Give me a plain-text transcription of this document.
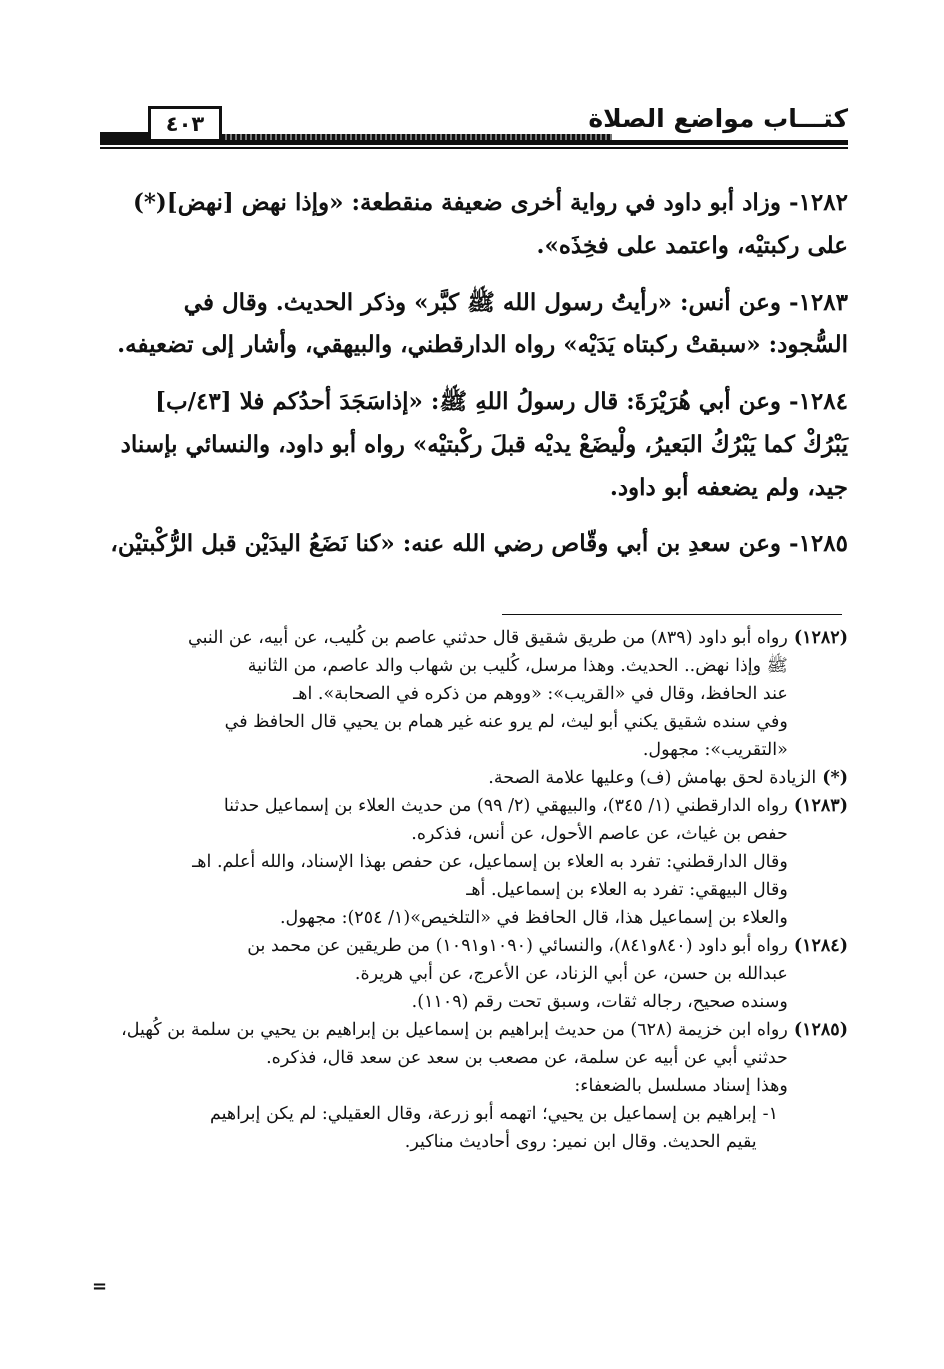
كتـــاب مواضع الصلاة
٤٠٣
١٢٨٢- وزاد أبو داود في رواية أخرى ضعيفة منقطعة: «وإذا نهض [نهض](*)
على ركبتيْه، واعتمد على فخِذَه».
١٢٨٣- وعن أنس: «رأيتُ رسول الله ﷺ كبَّر» وذكر الحديث. وقال في
السُّجود: «سبقتْ ركبتاه يَدَيْه» رواه الدارقطني، والبيهقي، وأشار إلى تضعيفه.
١٢٨٤- وعن أبي هُرَيْرَةَ: قال رسولُ اللهِ ﷺ: «إذاسَجَدَ أحدُكم فلا [٤٣/ب]
يَبْرُكْ كما يَبْرُكُ البَعيرُ، ولْيضَعْ يديْه قبلَ ركْبتيْه» رواه أبو داود، والنسائي بإسناد
جيد، ولم يضعفه أبو داود.
١٢٨٥- وعن سعدِ بن أبي وقّاص رضي الله عنه: «كنا نَضَعُ اليدَيْن قبل الرُّكْبتيْن،
(١٢٨٢)
رواه أبو داود (٨٣٩) من طريق شقيق قال حدثني عاصم بن كُليب، عن أبيه، عن النبي
ﷺ وإذا نهض.. الحديث. وهذا مرسل، كُليب بن شهاب والد عاصم، من الثانية
عند الحافظ، وقال في «القريب»: «ووهم من ذكره في الصحابة». اهـ
وفي سنده شقيق يكني أبو ليث، لم يرو عنه غير همام بن يحيي قال الحافظ في
«التقريب»: مجهول.
(*)
الزيادة لحق بهامش (ف) وعليها علامة الصحة.
(١٢٨٣)
رواه الدارقطني (١/ ٣٤٥)، والبيهقي (٢/ ٩٩) من حديث العلاء بن إسماعيل حدثنا
حفص بن غياث، عن عاصم الأحول، عن أنس، فذكره.
وقال الدارقطني: تفرد به العلاء بن إسماعيل، عن حفص بهذا الإسناد، والله أعلم. اهـ
وقال البيهقي: تفرد به العلاء بن إسماعيل. أهـ
والعلاء بن إسماعيل هذا، قال الحافظ في «التلخيص»(١/ ٢٥٤): مجهول.
(١٢٨٤)
رواه أبو داود (٨٤٠و٨٤١)، والنسائي (١٠٩٠و١٠٩١) من طريقين عن محمد بن
عبدالله بن حسن، عن أبي الزناد، عن الأعرج، عن أبي هريرة.
وسنده صحيح، رجاله ثقات، وسبق تحت رقم (١١٠٩).
(١٢٨٥)
رواه ابن خزيمة (٦٢٨) من حديث إبراهيم بن إسماعيل بن إبراهيم بن يحيي بن سلمة بن كُهيل،
حدثني أبي عن أبيه عن سلمة، عن مصعب بن سعد عن سعد قال، فذكره.
وهذا إسناد مسلسل بالضعفاء:
١-
إبراهيم بن إسماعيل بن يحيي؛ اتهمه أبو زرعة، وقال العقيلي: لم يكن إبراهيم
يقيم الحديث. وقال ابن نمير: روى أحاديث مناكير.
=
